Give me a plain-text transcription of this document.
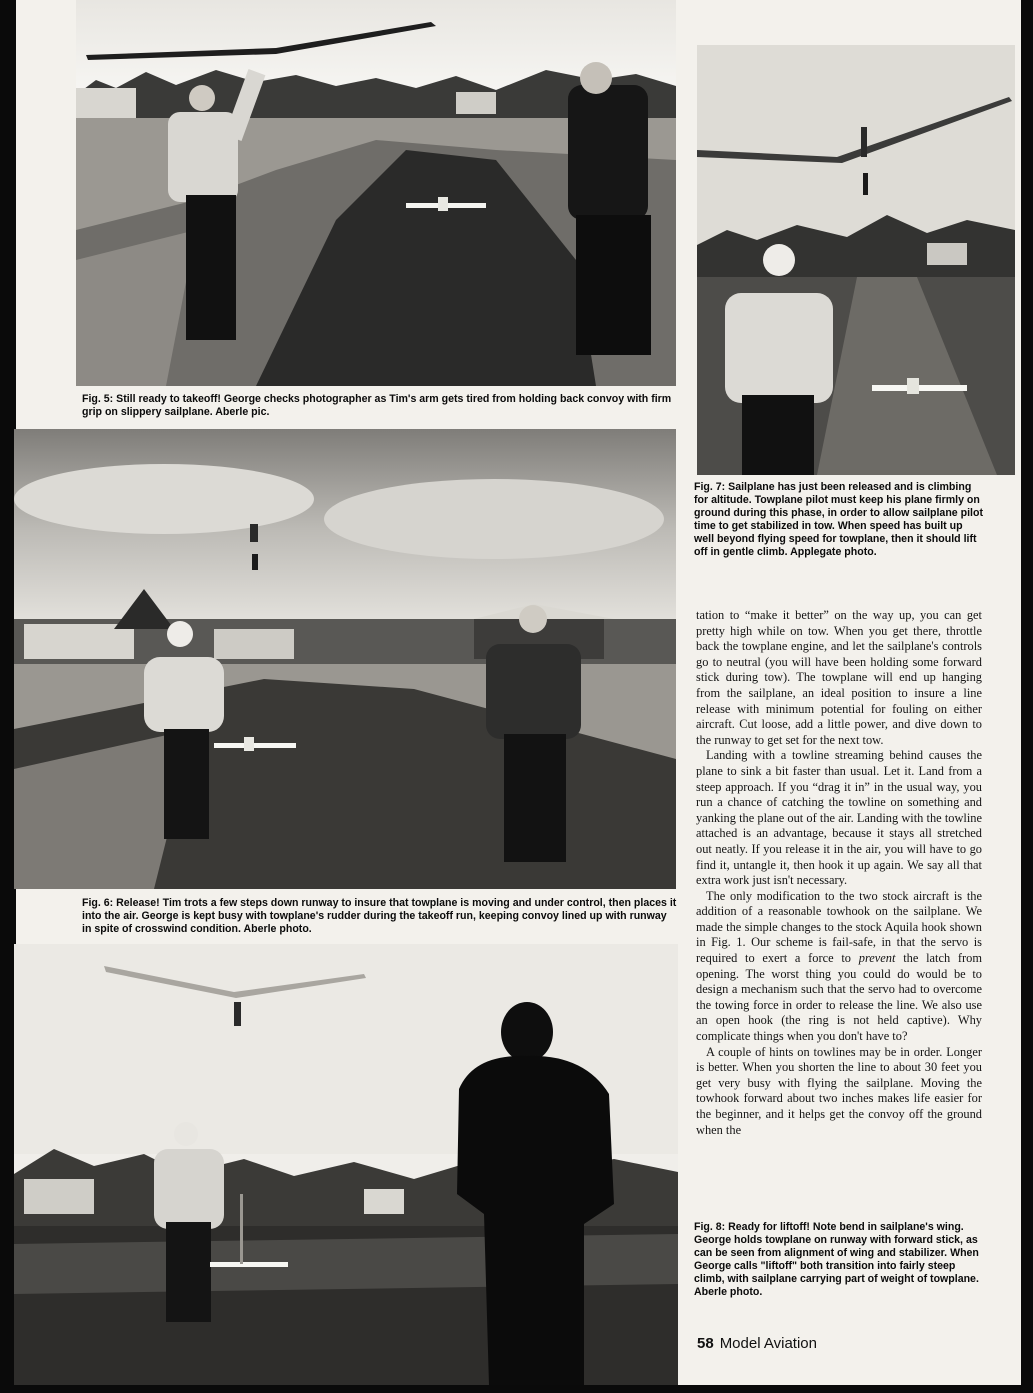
Fig. 5: Still ready to takeoff! George checks photographer as Tim's arm gets tired from holding back convoy with firm grip on slippery sailplane. Aberle pic.
Fig. 7: Sailplane has just been released and is climbing for altitude. Towplane pilot must keep his plane firmly on ground during this phase, in order to allow sailplane pilot time to get stabilized in tow. When speed has built up well beyond flying speed for towplane, then it should lift off in gentle climb. Applegate photo.
Fig. 6: Release! Tim trots a few steps down runway to insure that towplane is moving and under control, then places it into the air. George is kept busy with towplane's rudder during the takeoff run, keeping convoy lined up with runway in spite of crosswind condition. Aberle photo.
Fig. 8: Ready for liftoff! Note bend in sailplane's wing. George holds towplane on runway with forward stick, as can be seen from alignment of wing and stabilizer. When George calls "liftoff" both transition into fairly steep climb, with sailplane carrying part of weight of towplane. Aberle photo.

tation to “make it better” on the way up, you can get pretty high while on tow. When you get there, throttle back the towplane engine, and let the sailplane's controls go to neutral (you will have been holding some forward stick during tow). The towplane will end up hanging from the sailplane, an ideal position to insure a line release with minimum potential for fouling on either aircraft. Cut loose, add a little power, and dive down to the runway to get set for the next tow.

Landing with a towline streaming behind causes the plane to sink a bit faster than usual. Let it. Land from a steep approach. If you “drag it in” in the usual way, you run a chance of catching the towline on something and yanking the plane out of the air. Landing with the towline attached is an advantage, because it stays all stretched out neatly. If you release it in the air, you will have to go find it, untangle it, then hook it up again. We say all that extra work just isn't necessary.

The only modification to the two stock aircraft is the addition of a reasonable towhook on the sailplane. We made the simple changes to the stock Aquila hook shown in Fig. 1. Our scheme is fail-safe, in that the servo is required to exert a force to prevent the latch from opening. The worst thing you could do would be to design a mechanism such that the servo had to overcome the towing force in order to release the line. We also use an open hook (the ring is not held captive). Why complicate things when you don't have to?

A couple of hints on towlines may be in order. Longer is better. When you shorten the line to about 30 feet you get very busy with flying the sailplane. Moving the towhook forward about two inches makes life easier for the beginner, and it helps get the convoy off the ground when the

58 Model Aviation
